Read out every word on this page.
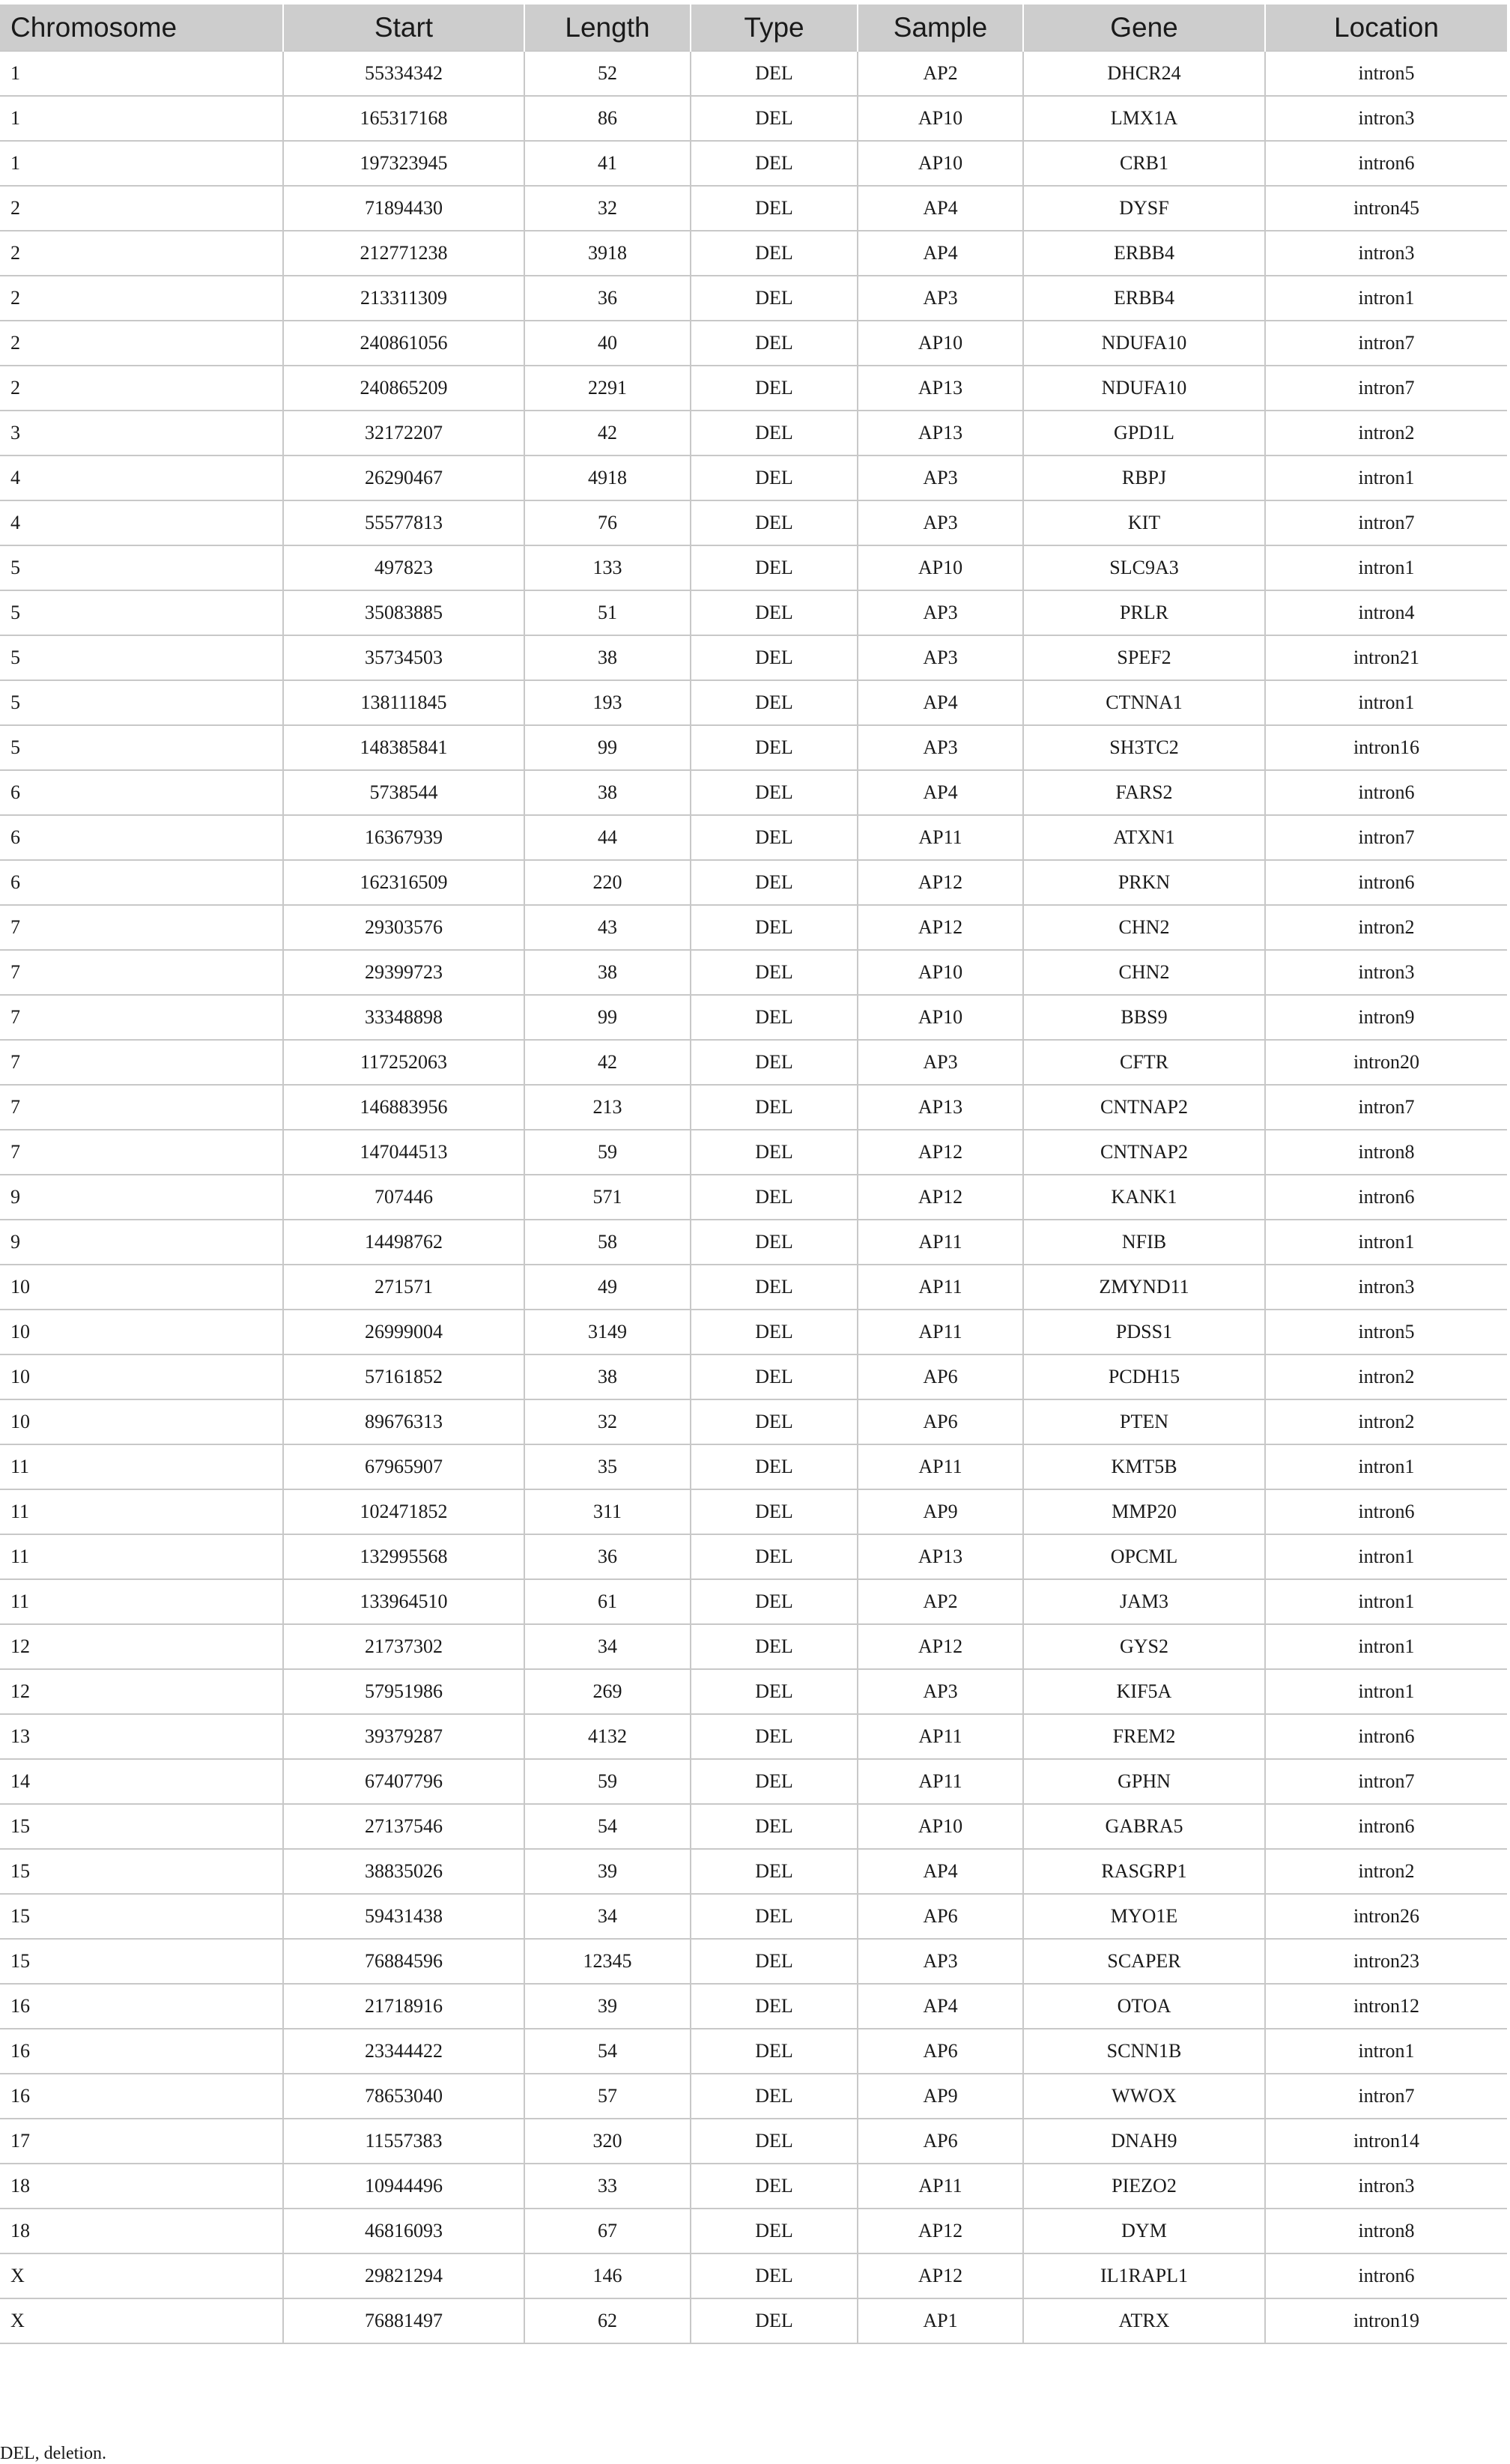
Chromosome	Start	Length	Type	Sample	Gene	Location
1	55334342	52	DEL	AP2	DHCR24	intron5
1	165317168	86	DEL	AP10	LMX1A	intron3
1	197323945	41	DEL	AP10	CRB1	intron6
2	71894430	32	DEL	AP4	DYSF	intron45
2	212771238	3918	DEL	AP4	ERBB4	intron3
2	213311309	36	DEL	AP3	ERBB4	intron1
2	240861056	40	DEL	AP10	NDUFA10	intron7
2	240865209	2291	DEL	AP13	NDUFA10	intron7
3	32172207	42	DEL	AP13	GPD1L	intron2
4	26290467	4918	DEL	AP3	RBPJ	intron1
4	55577813	76	DEL	AP3	KIT	intron7
5	497823	133	DEL	AP10	SLC9A3	intron1
5	35083885	51	DEL	AP3	PRLR	intron4
5	35734503	38	DEL	AP3	SPEF2	intron21
5	138111845	193	DEL	AP4	CTNNA1	intron1
5	148385841	99	DEL	AP3	SH3TC2	intron16
6	5738544	38	DEL	AP4	FARS2	intron6
6	16367939	44	DEL	AP11	ATXN1	intron7
6	162316509	220	DEL	AP12	PRKN	intron6
7	29303576	43	DEL	AP12	CHN2	intron2
7	29399723	38	DEL	AP10	CHN2	intron3
7	33348898	99	DEL	AP10	BBS9	intron9
7	117252063	42	DEL	AP3	CFTR	intron20
7	146883956	213	DEL	AP13	CNTNAP2	intron7
7	147044513	59	DEL	AP12	CNTNAP2	intron8
9	707446	571	DEL	AP12	KANK1	intron6
9	14498762	58	DEL	AP11	NFIB	intron1
10	271571	49	DEL	AP11	ZMYND11	intron3
10	26999004	3149	DEL	AP11	PDSS1	intron5
10	57161852	38	DEL	AP6	PCDH15	intron2
10	89676313	32	DEL	AP6	PTEN	intron2
11	67965907	35	DEL	AP11	KMT5B	intron1
11	102471852	311	DEL	AP9	MMP20	intron6
11	132995568	36	DEL	AP13	OPCML	intron1
11	133964510	61	DEL	AP2	JAM3	intron1
12	21737302	34	DEL	AP12	GYS2	intron1
12	57951986	269	DEL	AP3	KIF5A	intron1
13	39379287	4132	DEL	AP11	FREM2	intron6
14	67407796	59	DEL	AP11	GPHN	intron7
15	27137546	54	DEL	AP10	GABRA5	intron6
15	38835026	39	DEL	AP4	RASGRP1	intron2
15	59431438	34	DEL	AP6	MYO1E	intron26
15	76884596	12345	DEL	AP3	SCAPER	intron23
16	21718916	39	DEL	AP4	OTOA	intron12
16	23344422	54	DEL	AP6	SCNN1B	intron1
16	78653040	57	DEL	AP9	WWOX	intron7
17	11557383	320	DEL	AP6	DNAH9	intron14
18	10944496	33	DEL	AP11	PIEZO2	intron3
18	46816093	67	DEL	AP12	DYM	intron8
X	29821294	146	DEL	AP12	IL1RAPL1	intron6
X	76881497	62	DEL	AP1	ATRX	intron19
DEL, deletion.
